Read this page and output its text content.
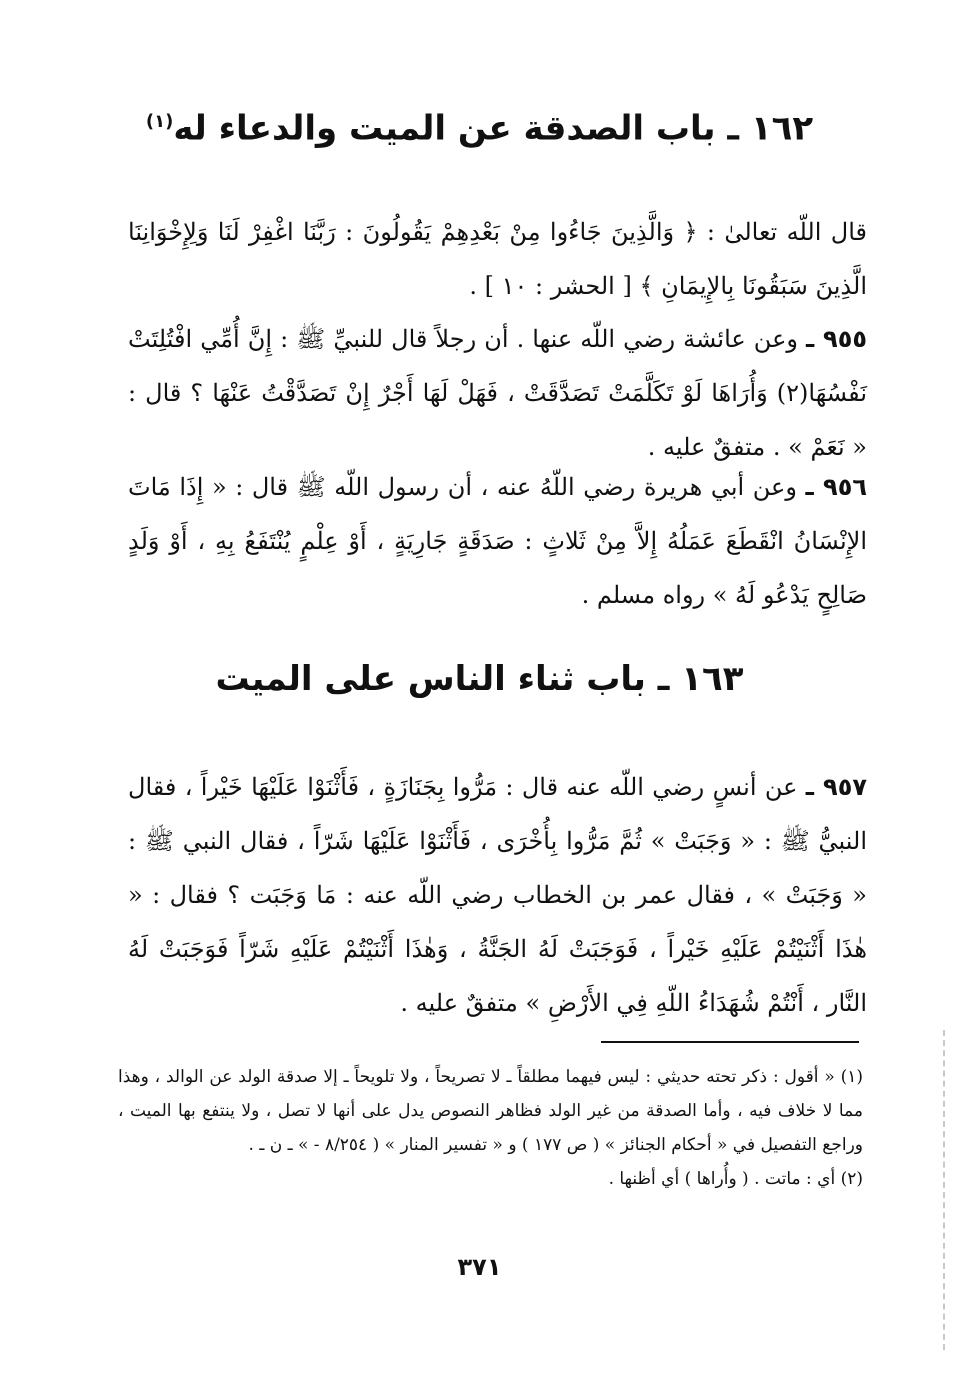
١٦٢ ـ باب الصدقة عن الميت والدعاء له$^{(١)}$
قال اللّه تعالىٰ : ﴿ وَالَّذِينَ جَاءُوا مِنْ بَعْدِهِمْ يَقُولُونَ : رَبَّنَا اغْفِرْ لَنَا وَلِإِخْوَانِنَا الَّذِينَ سَبَقُونَا بِالإِيمَانِ ﴾ [ الحشر : ١٠ ] .
٩٥٥ ـ وعن عائشة رضي اللّه عنها . أن رجلاً قال للنبيِّ ﷺ : إِنَّ أُمِّي افْتُلِتَتْ نَفْسُهَا(٢) وَأُرَاهَا لَوْ تَكَلَّمَتْ تَصَدَّقَتْ ، فَهَلْ لَهَا أَجْرٌ إِنْ تَصَدَّقْتُ عَنْهَا ؟ قال : « نَعَمْ » . متفقٌ عليه .
٩٥٦ ـ وعن أبي هريرة رضي اللّهُ عنه ، أن رسول اللّه ﷺ قال : « إِذَا مَاتَ الإِنْسَانُ انْقَطَعَ عَمَلُهُ إِلاَّ مِنْ ثَلاثٍ : صَدَقَةٍ جَارِيَةٍ ، أَوْ عِلْمٍ يُنْتَفَعُ بِهِ ، أَوْ وَلَدٍ صَالِحٍ يَدْعُو لَهُ » رواه مسلم .
١٦٣ ـ باب ثناء الناس على الميت
٩٥٧ ـ عن أنسٍ رضي اللّه عنه قال : مَرُّوا بِجَنَازَةٍ ، فَأَثْنَوْا عَلَيْهَا خَيْراً ، فقال النبيُّ ﷺ : « وَجَبَتْ » ثُمَّ مَرُّوا بِأُخْرَى ، فَأَثْنَوْا عَلَيْهَا شَرّاً ، فقال النبي ﷺ : « وَجَبَتْ » ، فقال عمر بن الخطاب رضي اللّه عنه : مَا وَجَبَت ؟ فقال : « هٰذَا أَثْنَيْتُمْ عَلَيْهِ خَيْراً ، فَوَجَبَتْ لَهُ الجَنَّةُ ، وَهٰذَا أَثْنَيْتُمْ عَلَيْهِ شَرّاً فَوَجَبَتْ لَهُ النَّار ، أَنْتُمْ شُهَدَاءُ اللّهِ فِي الأَرْضِ » متفقٌ عليه .
(١) « أقول : ذكر تحته حديثي : ليس فيهما مطلقاً ـ لا تصريحاً ، ولا تلويحاً ـ إلا صدقة الولد عن الوالد ، وهذا مما لا خلاف فيه ، وأما الصدقة من غير الولد فظاهر النصوص يدل على أنها لا تصل ، ولا ينتفع بها الميت ، وراجع التفصيل في « أحكام الجنائز » ( ص ١٧٧ ) و « تفسير المنار » ( ٨/٢٥٤ - » ـ ن ـ .
(٢) أي : ماتت . ( وأُراها ) أي أظنها .
٣٧١
